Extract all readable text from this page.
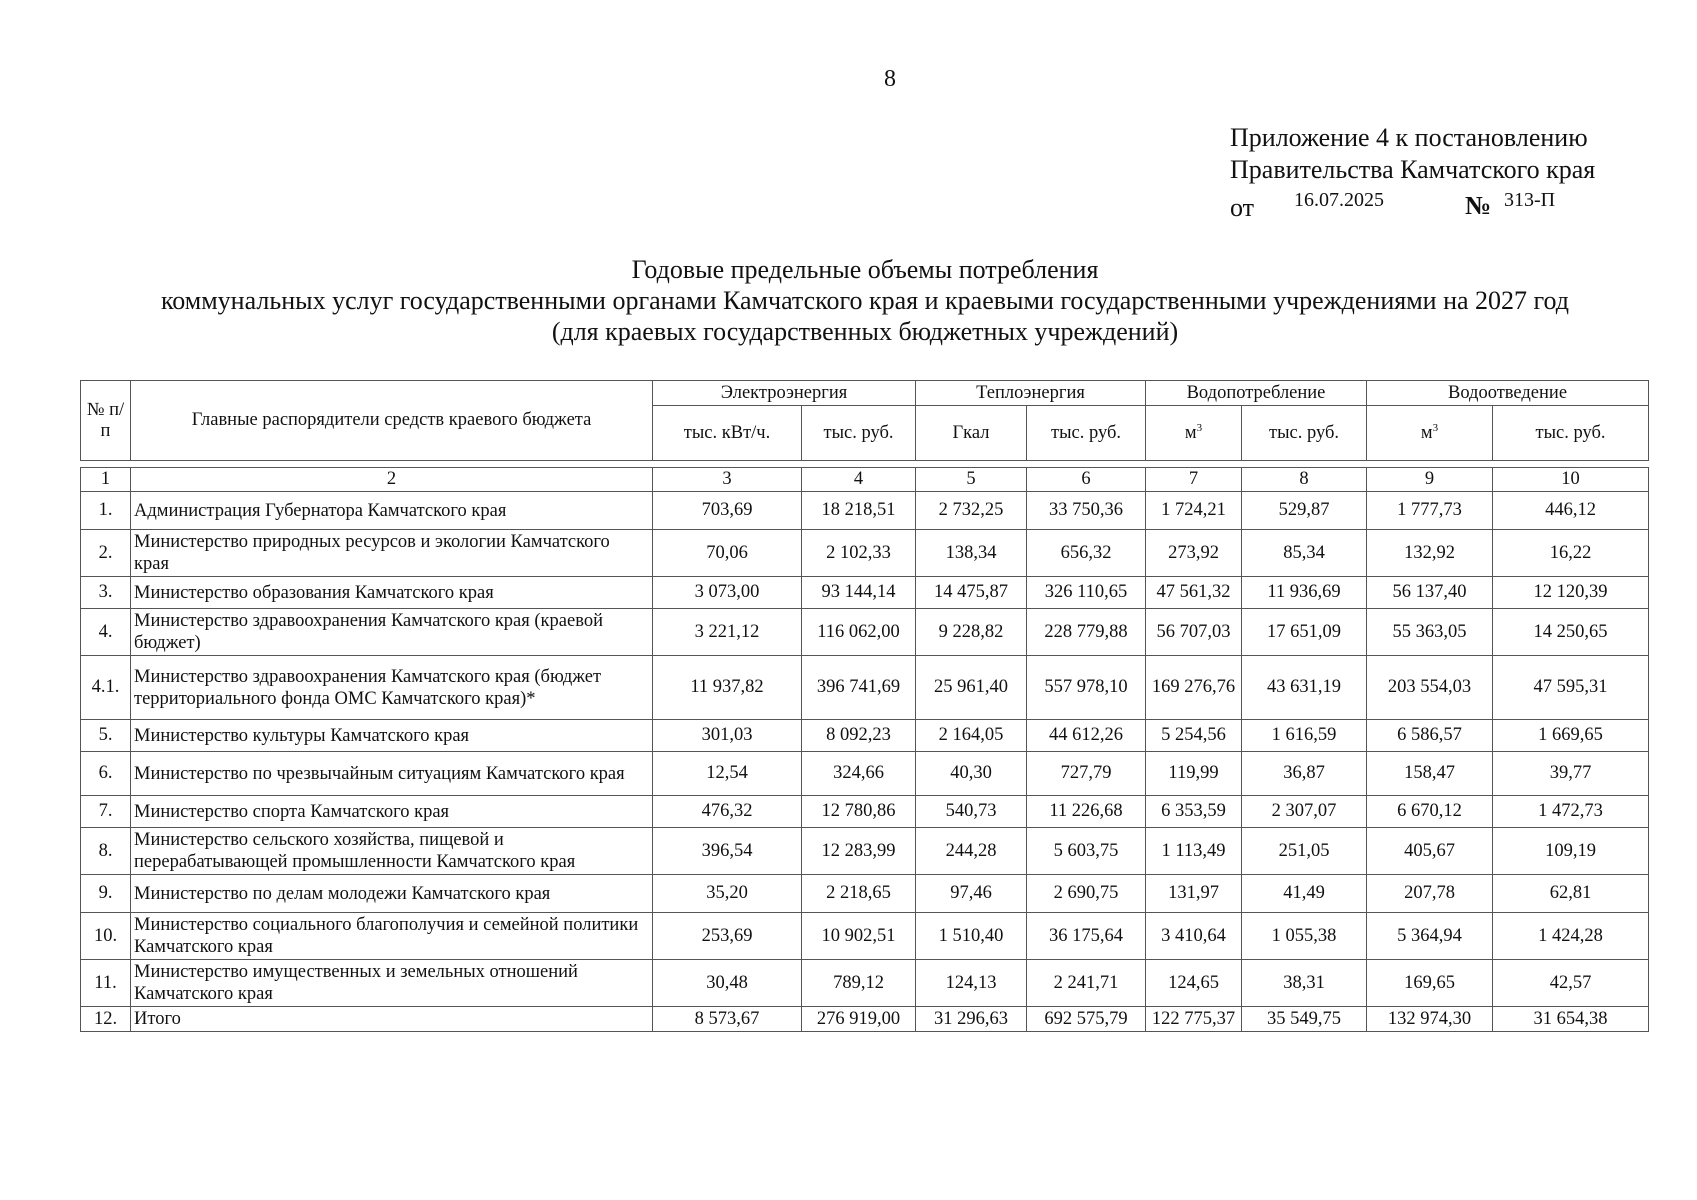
8
Приложение 4 к постановлению
Правительства Камчатского края
от 16.07.2025	№ 313-П
Годовые предельные объемы потребления
коммунальных услуг государственными органами Камчатского края и краевыми государственными учреждениями на 2027 год
(для краевых государственных бюджетных учреждений)
№ п/п	Главные распорядители средств краевого бюджета	Электроэнергия		Теплоэнергия		Водопотребление		Водоотведение	
		тыс. кВт/ч.	тыс. руб.	Гкал	тыс. руб.	$м^3$	тыс. руб.	$м^3$	тыс. руб.

1	2	3	4	5	6	7	8	9	10
1.	Администрация Губернатора Камчатского края	703,69	18 218,51	2 732,25	33 750,36	1 724,21	529,87	1 777,73	446,12
2.	Министерство природных ресурсов и экологии Камчатского края	70,06	2 102,33	138,34	656,32	273,92	85,34	132,92	16,22
3.	Министерство образования Камчатского края	3 073,00	93 144,14	14 475,87	326 110,65	47 561,32	11 936,69	56 137,40	12 120,39
4.	Министерство здравоохранения Камчатского края (краевой бюджет)	3 221,12	116 062,00	9 228,82	228 779,88	56 707,03	17 651,09	55 363,05	14 250,65
4.1.	Министерство здравоохранения Камчатского края (бюджет территориального фонда ОМС Камчатского края)*	11 937,82	396 741,69	25 961,40	557 978,10	169 276,76	43 631,19	203 554,03	47 595,31
5.	Министерство культуры Камчатского края	301,03	8 092,23	2 164,05	44 612,26	5 254,56	1 616,59	6 586,57	1 669,65
6.	Министерство по чрезвычайным ситуациям Камчатского края	12,54	324,66	40,30	727,79	119,99	36,87	158,47	39,77
7.	Министерство спорта Камчатского края	476,32	12 780,86	540,73	11 226,68	6 353,59	2 307,07	6 670,12	1 472,73
8.	Министерство сельского хозяйства, пищевой и перерабатывающей промышленности Камчатского края	396,54	12 283,99	244,28	5 603,75	1 113,49	251,05	405,67	109,19
9.	Министерство по делам молодежи Камчатского края	35,20	2 218,65	97,46	2 690,75	131,97	41,49	207,78	62,81
10.	Министерство социального благополучия и семейной политики Камчатского края	253,69	10 902,51	1 510,40	36 175,64	3 410,64	1 055,38	5 364,94	1 424,28
11.	Министерство имущественных и земельных отношений Камчатского края	30,48	789,12	124,13	2 241,71	124,65	38,31	169,65	42,57
12.	Итого	8 573,67	276 919,00	31 296,63	692 575,79	122 775,37	35 549,75	132 974,30	31 654,38
